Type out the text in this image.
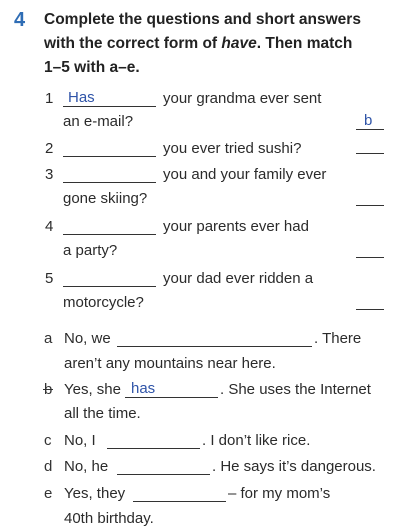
4 Complete the questions and short answers
with the correct form of have. Then match
1–5 with a–e.
1 Has	your grandma ever sent
an e-mail?	b
2	you ever tried sushi?
3	you and your family ever
gone skiing?
4	your parents ever had
a party?
5	your dad ever ridden a
motorcycle?
a No, we	. There
aren’t any mountains near here.
b Yes, she has	. She uses the Internet
all the time.
c No, I	. I don’t like rice.
d No, he	. He says it’s dangerous.
e Yes, they	– for my mom’s
40th birthday.
